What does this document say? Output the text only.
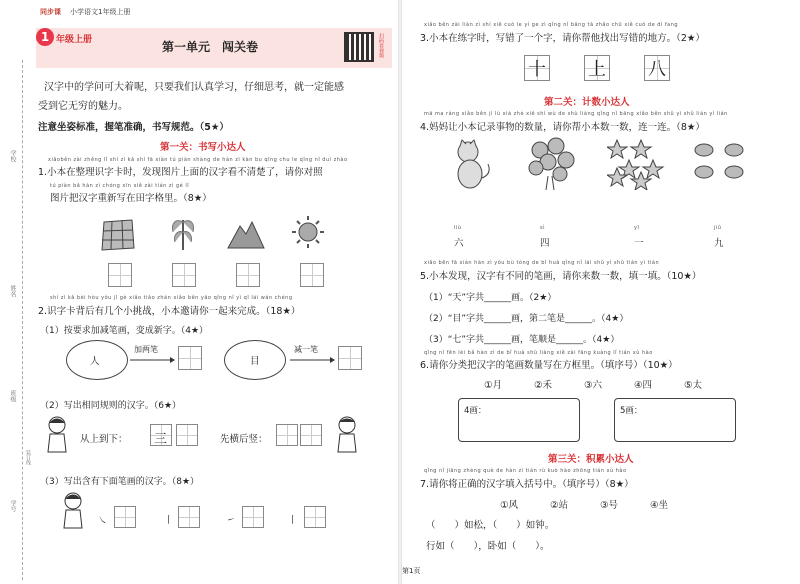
学校
姓名
班级
学号
装订线
同步课 小学语文1年级上册
1 年级上册	第一单元　闯关卷	扫码看视频
汉字中的学问可大着呢，只要我们认真学习，仔细思考，就一定能感
受到它无穷的魅力。
注意坐姿标准，握笔准确，书写规范。（5★）
第一关：书写小达人
xiǎoběn zài zhěng lǐ shí zì kǎ shí fā xiàn tú piàn shàng de hàn zì kàn bu qīng chu le qǐng nǐ duì zhào
1.小本在整理识字卡时，发现图片上面的汉字看不清楚了，请你对照
tú piàn bǎ hàn zì chóng xīn xiě zài tián zì gé lǐ
图片把汉字重新写在田字格里。（8★）
shí zì kǎ bèi hòu yǒu jǐ gè xiǎo tiǎo zhàn xiǎo běn yāo qǐng nǐ yì qǐ lái wán chéng
2.识字卡背后有几个小挑战，小本邀请你一起来完成。（18★）
（1）按要求加减笔画，变成新字。（4★）
人
加两笔
目
减一笔
（2）写出相同规则的汉字。（6★）
从上到下： 三	先横后竖：
（3）写出含有下面笔画的汉字。（8★）
㇏	丨	㇀	丨
xiǎo běn zài liàn zì shí xiě cuò le yí ge zì qǐng nǐ bāng tā zhǎo chū xiě cuò de dì fang
3.小本在练字时，写错了一个字，请你帮他找出写错的地方。（2★）
十 上 八
第二关：计数小达人
mā ma ràng xiǎo běn jì lù xià zhè xiē shì wù de shù liàng qǐng nǐ bāng xiǎo běn shǔ yì shǔ lián yì lián
4.妈妈让小本记录事物的数量，请你帮小本数一数，连一连。（8★）
liù
六
sì
四
yī
一
jiǔ
九
xiǎo běn fā xiàn hàn zì yǒu bù tóng de bǐ huà qǐng nǐ lái shǔ yì shǔ tián yì tián
5.小本发现，汉字有不同的笔画，请你来数一数，填一填。（10★）
（1）“天”字共______画。（2★）
（2）“目”字共______画，第二笔是______。（4★）
（3）“七”字共______画，笔顺是______。（4★）
qǐng nǐ fēn lèi bǎ hàn zì de bǐ huà shù liàng xiě zài fāng kuàng lǐ tián xù hào
6.请你分类把汉字的笔画数量写在方框里。（填序号）（10★）
①月	②禾	③六	④四	⑤太
4画：	5画：
第三关：积累小达人
qǐng nǐ jiāng zhèng què de hàn zì tián rù kuò hào zhōng tián xù hào
7.请你将正确的汉字填入括号中。（填序号）（8★）
①风	②站	③号	④坐
（　　）如松，（　　）如钟。
行如（　　），卧如（　　）。
第1页
